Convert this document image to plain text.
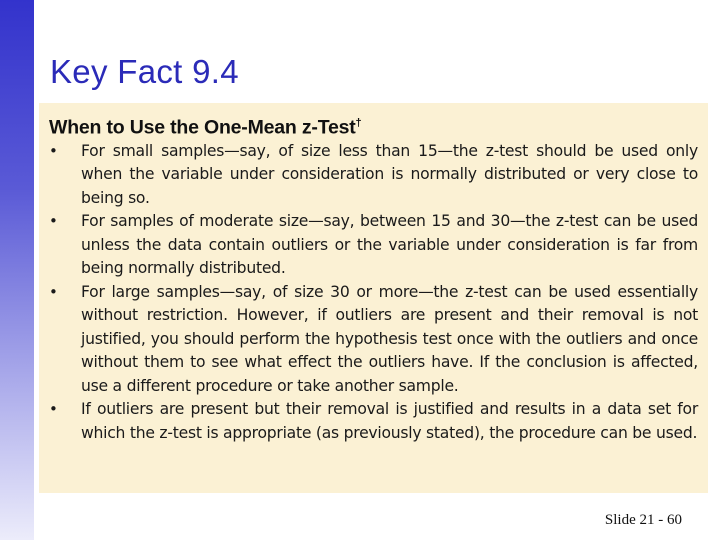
Key Fact 9.4
When to Use the One-Mean z-Test†
• For small samples—say, of size less than 15—the z-test should be used only when the variable under consideration is normally distributed or very close to being so.
• For samples of moderate size—say, between 15 and 30—the z-test can be used unless the data contain outliers or the variable under consideration is far from being normally distributed.
• For large samples—say, of size 30 or more—the z-test can be used essentially without restriction. However, if outliers are present and their removal is not justified, you should perform the hypothesis test once with the outliers and once without them to see what effect the outliers have. If the conclusion is affected, use a different procedure or take another sample.
• If outliers are present but their removal is justified and results in a data set for which the z-test is appropriate (as previously stated), the procedure can be used.
Slide 21 - 60
